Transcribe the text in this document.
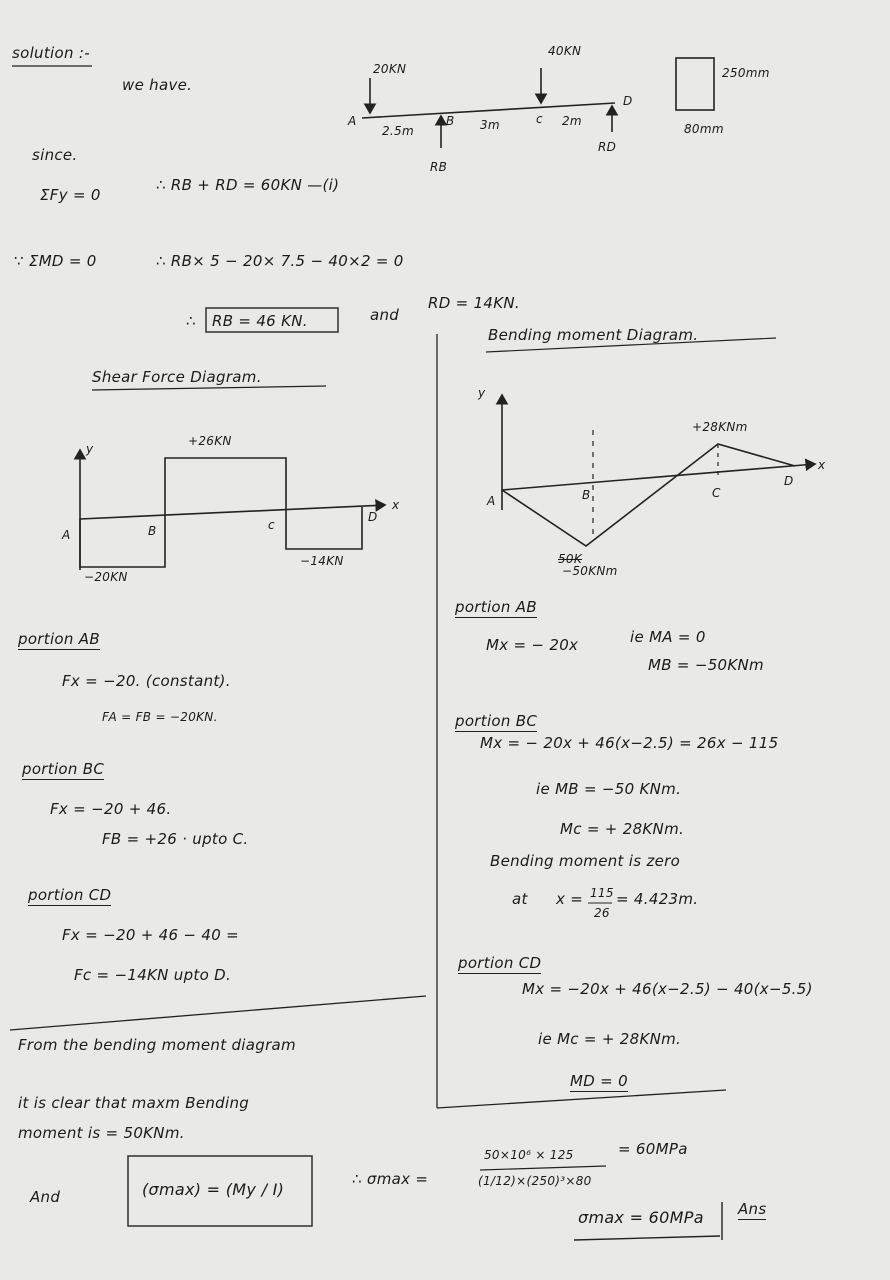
solution :-
we have.
20KN
40KN
A	B	c
D
2.5m	3m	2m
RB
RD
250mm
80mm
since.
ΣFy = 0
∴ RB + RD = 60KN —(i)
∵ ΣMD = 0	∴ RB× 5 − 20× 7.5 − 40×2 = 0
∴ RB = 46 KN.	and
RD = 14KN.
Shear Force Diagram.
y
x
A	B	c
D
−20KN
+26KN
−14KN
Bending moment Diagram.
y
x
A	B	C
D
50K
−50KNm
+28KNm
portion AB
Fx = −20. (constant).
FA = FB = −20KN.
portion BC
Fx = −20 + 46.
FB = +26 · upto C.
portion CD
Fx = −20 + 46 − 40 =
Fc = −14KN upto D.
portion AB
Mx = − 20x	ie MA = 0
MB = −50KNm
portion BC
Mx = − 20x + 46(x−2.5) = 26x − 115
ie MB = −50 KNm.
Mc = + 28KNm.
Bending moment is zero
at x = 115
26
= 4.423m.
portion CD
Mx = −20x + 46(x−2.5) − 40(x−5.5)
ie Mc = + 28KNm.
MD = 0
From the bending moment diagram
it is clear that maxm Bending
moment is = 50KNm.
And	(σmax) = (My / I)
∴ σmax =
50×10⁶ × 125
(1/12)×(250)³×80
= 60MPa
σmax = 60MPa Ans
